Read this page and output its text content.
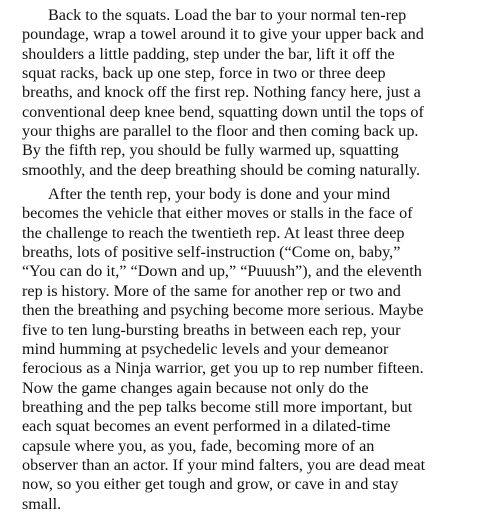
Back to the squats. Load the bar to your normal ten-rep
poundage, wrap a towel around it to give your upper back and
shoulders a little padding, step under the bar, lift it off the
squat racks, back up one step, force in two or three deep
breaths, and knock off the first rep. Nothing fancy here, just a
conventional deep knee bend, squatting down until the tops of
your thighs are parallel to the floor and then coming back up.
By the fifth rep, you should be fully warmed up, squatting
smoothly, and the deep breathing should be coming naturally.

After the tenth rep, your body is done and your mind
becomes the vehicle that either moves or stalls in the face of
the challenge to reach the twentieth rep. At least three deep
breaths, lots of positive self-instruction (“Come on, baby,”
“You can do it,” “Down and up,” “Puuush”), and the eleventh
rep is history. More of the same for another rep or two and
then the breathing and psyching become more serious. Maybe
five to ten lung-bursting breaths in between each rep, your
mind humming at psychedelic levels and your demeanor
ferocious as a Ninja warrior, get you up to rep number fifteen.
Now the game changes again because not only do the
breathing and the pep talks become still more important, but
each squat becomes an event performed in a dilated-time
capsule where you, as you, fade, becoming more of an
observer than an actor. If your mind falters, you are dead meat
now, so you either get tough and grow, or cave in and stay
small.
